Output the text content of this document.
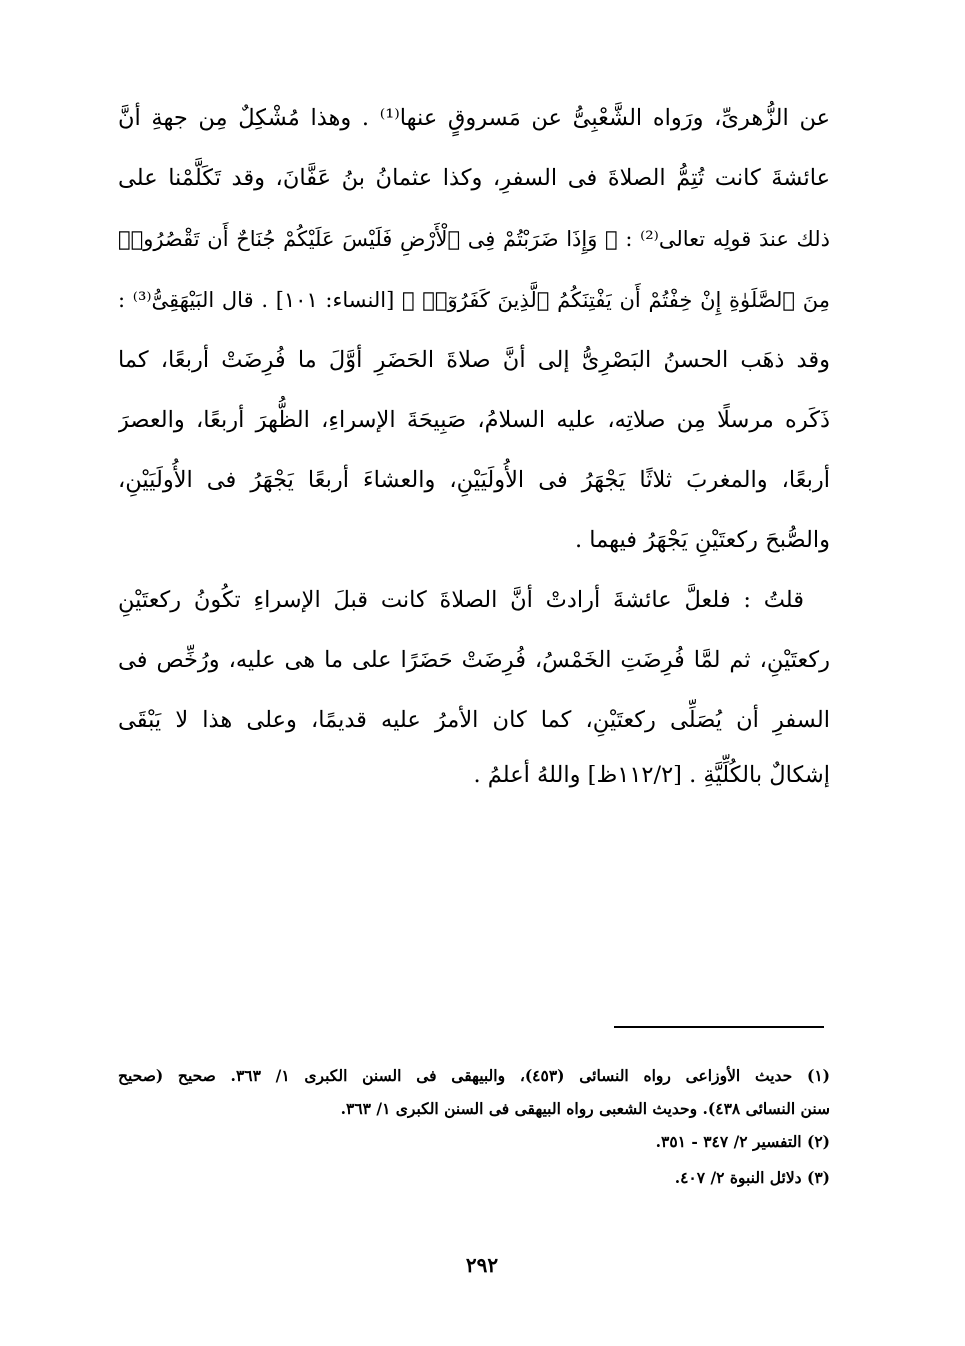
عن الزُّهرىِّ، ورَواه الشَّعْبِىُّ عن مَسروقٍ عنها⁽¹⁾ . وهذا مُشْكِلٌ مِن جهةِ أنَّ
عائشةَ كانت تُتِمُّ الصلاةَ فى السفرِ، وكذا عثمانُ بنُ عَفَّانَ، وقد تَكَلَّمْنا على
ذلك عندَ قولِه تعالى⁽²⁾ : ﴿ وَإِذَا ضَرَبْتُمْ فِى ٱلْأَرْضِ فَلَيْسَ عَلَيْكُمْ جُنَاحٌ أَن تَقْصُرُوا۟
مِنَ ٱلصَّلَوٰةِ إِنْ خِفْتُمْ أَن يَفْتِنَكُمُ ٱلَّذِينَ كَفَرُوٓا۟ ﴾ [النساء: ١٠١] . قال البَيْهَقِىُّ⁽³⁾ :
وقد ذهَب الحسنُ البَصْرِىُّ إلى أنَّ صلاةَ الحَضَرِ أوَّلَ ما فُرِضَتْ أربعًا، كما
ذَكَره مرسلًا مِن صلاتِه، عليه السلامُ، صَبِيحَةَ الإسراءِ، الظُّهرَ أربعًا، والعصرَ
أربعًا، والمغربَ ثلاثًا يَجْهَرُ فى الأُولَيَيْنِ، والعشاءَ أربعًا يَجْهَرُ فى الأُولَيَيْنِ،
والصُّبحَ ركعتَيْنِ يَجْهَرُ فيهما .
قلتُ : فلعلَّ عائشةَ أرادتْ أنَّ الصلاةَ كانت قبلَ الإسراءِ تكُونُ ركعتَيْنِ
ركعتَيْنِ، ثم لمَّا فُرِضَتِ الخَمْسُ، فُرِضَتْ حَضَرًا على ما هى عليه، ورُخِّص فى
السفرِ أن يُصَلِّى ركعتَيْنِ، كما كان الأمرُ عليه قديمًا، وعلى هذا لا يَبْقَى
إشكالٌ بالكُلِّيَّةِ . [١١٢/٢ظ] واللهُ أعلمُ .
(١) حديث الأوزاعى رواه النسائى (٤٥٣)، والبيهقى فى السنن الكبرى ١/ ٣٦٣. صحيح (صحيح
سنن النسائى ٤٣٨). وحديث الشعبى رواه البيهقى فى السنن الكبرى ١/ ٣٦٣.
(٢) التفسير ٢/ ٣٤٧ - ٣٥١.
(٣) دلائل النبوة ٢/ ٤٠٧.
٢٩٢
